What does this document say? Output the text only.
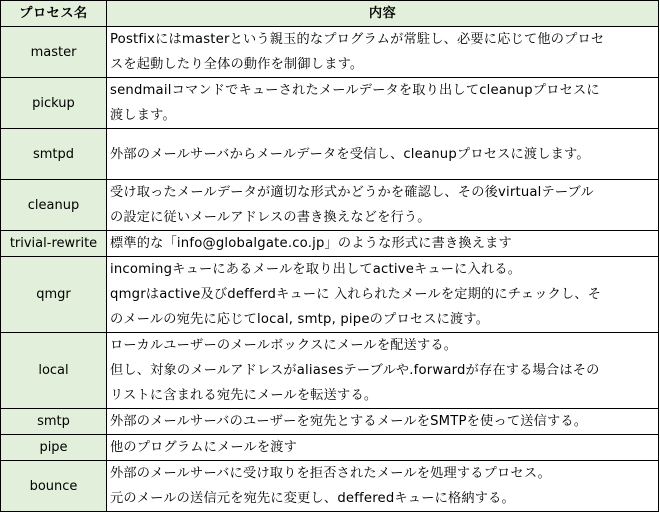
プロセス名	内容
master	Postfixにはmasterという親玉的なプログラムが常駐し、必要に応じて他のプロセ
スを起動したり全体の動作を制御します。

pickup	sendmailコマンドでキューされたメールデータを取り出してcleanupプロセスに
渡します。

smtpd	外部のメールサーバからメールデータを受信し、cleanupプロセスに渡します。

cleanup	受け取ったメールデータが適切な形式かどうかを確認し、その後virtualテーブル
の設定に従いメールアドレスの書き換えなどを行う。

trivial-rewrite	標準的な「info@globalgate.co.jp」のような形式に書き換えます

qmgr	incomingキューにあるメールを取り出してactiveキューに入れる。
qmgrはactive及びdefferdキューに 入れられたメールを定期的にチェックし、そ
のメールの宛先に応じてlocal, smtp, pipeのプロセスに渡す。

local	ローカルユーザーのメールボックスにメールを配送する。
但し、対象のメールアドレスがaliasesテーブルや.forwardが存在する場合はその
リストに含まれる宛先にメールを転送する。

smtp	外部のメールサーバのユーザーを宛先とするメールをSMTPを使って送信する。

pipe	他のプログラムにメールを渡す

bounce	外部のメールサーバに受け取りを拒否されたメールを処理するプロセス。
元のメールの送信元を宛先に変更し、defferedキューに格納する。
